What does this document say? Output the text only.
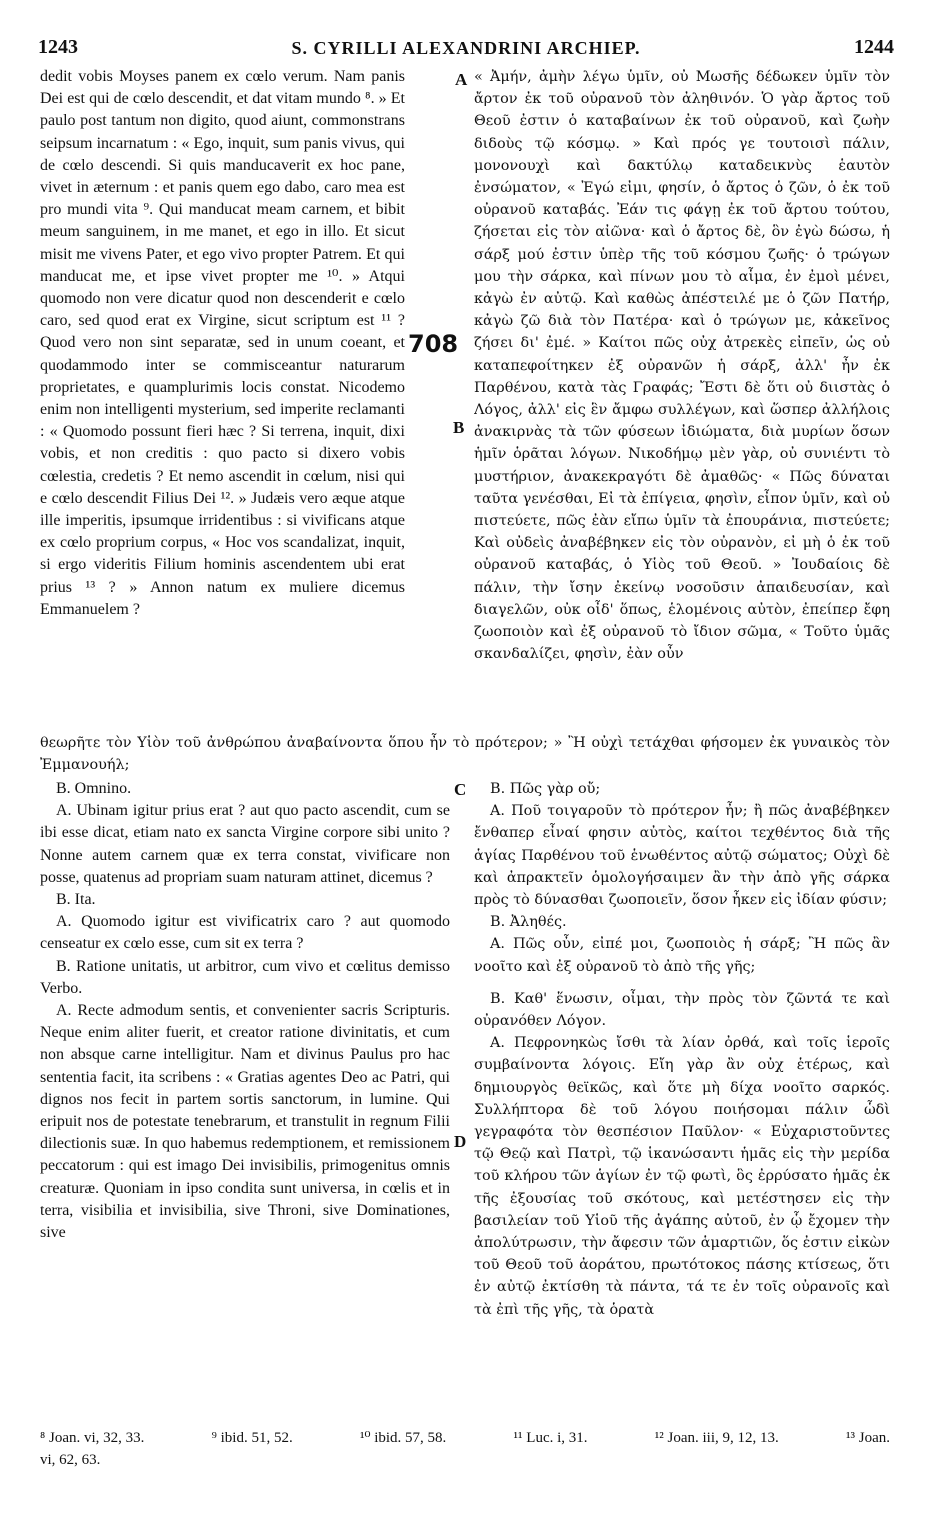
1243	S. CYRILLI ALEXANDRINI ARCHIEP.	1244
A
708
B
C
D

dedit vobis Moyses panem ex cœlo verum. Nam panis Dei est qui de cœlo descendit, et dat vitam mundo ⁸. » Et paulo post tantum non digito, quod aiunt, commonstrans seipsum incarnatum : « Ego, inquit, sum panis vivus, qui de cœlo descendi. Si quis manducaverit ex hoc pane, vivet in æternum : et panis quem ego dabo, caro mea est pro mundi vita ⁹. Qui manducat meam carnem, et bibit meum sanguinem, in me manet, et ego in illo. Et sicut misit me vivens Pater, et ego vivo propter Patrem. Et qui manducat me, et ipse vivet propter me ¹⁰. » Atqui quomodo non vere dicatur quod non descenderit e cœlo caro, sed quod erat ex Virgine, sicut scriptum est ¹¹ ? Quod vero non sint separatæ, sed in unum coeant, et quodammodo inter se commisceantur naturarum proprietates, e quamplurimis locis constat. Nicodemo enim non intelligenti mysterium, sed imperite reclamanti : « Quomodo possunt fieri hæc ? Si terrena, inquit, dixi vobis, et non creditis : quo pacto si dixero vobis cœlestia, credetis ? Et nemo ascendit in cœlum, nisi qui e cœlo descendit Filius Dei ¹². » Judæis vero æque atque ille imperitis, ipsumque irridentibus : si vivificans atque ex cœlo proprium corpus, « Hoc vos scandalizat, inquit, si ergo videritis Filium hominis ascendentem ubi erat prius ¹³ ? » Annon natum ex muliere dicemus Emmanuelem ?

« Ἀμήν, ἀμὴν λέγω ὑμῖν, οὐ Μωσῆς δέδωκεν ὑμῖν τὸν ἄρτον ἐκ τοῦ οὐρανοῦ τὸν ἀληθινόν. Ὁ γὰρ ἄρτος τοῦ Θεοῦ ἐστιν ὁ καταβαίνων ἐκ τοῦ οὐρανοῦ, καὶ ζωὴν διδοὺς τῷ κόσμῳ. » Καὶ πρός γε τουτοισὶ πάλιν, μονονουχὶ καὶ δακτύλῳ καταδεικνὺς ἑαυτὸν ἐνσώματον, « Ἐγώ εἰμι, φησίν, ὁ ἄρτος ὁ ζῶν, ὁ ἐκ τοῦ οὐρανοῦ καταβάς. Ἐάν τις φάγῃ ἐκ τοῦ ἄρτου τούτου, ζήσεται εἰς τὸν αἰῶνα· καὶ ὁ ἄρτος δὲ, ὃν ἐγὼ δώσω, ἡ σάρξ μού ἐστιν ὑπὲρ τῆς τοῦ κόσμου ζωῆς· ὁ τρώγων μου τὴν σάρκα, καὶ πίνων μου τὸ αἷμα, ἐν ἐμοὶ μένει, κἀγὼ ἐν αὐτῷ. Καὶ καθὼς ἀπέστειλέ με ὁ ζῶν Πατήρ, κἀγὼ ζῶ διὰ τὸν Πατέρα· καὶ ὁ τρώγων με, κἀκεῖνος ζήσει δι' ἐμέ. » Καίτοι πῶς οὐχ ἀτρεκὲς εἰπεῖν, ὡς οὐ καταπεφοίτηκεν ἐξ οὐρανῶν ἡ σάρξ, ἀλλ' ἦν ἐκ Παρθένου, κατὰ τὰς Γραφάς; Ἔστι δὲ ὅτι οὐ διιστὰς ὁ Λόγος, ἀλλ' εἰς ἓν ἄμφω συλλέγων, καὶ ὥσπερ ἀλλήλοις ἀνακιρνὰς τὰ τῶν φύσεων ἰδιώματα, διὰ μυρίων ὅσων ἡμῖν ὁρᾶται λόγων. Νικοδήμῳ μὲν γὰρ, οὐ συνιέντι τὸ μυστήριον, ἀνακεκραγότι δὲ ἀμαθῶς· « Πῶς δύναται ταῦτα γενέσθαι, Εἰ τὰ ἐπίγεια, φησὶν, εἶπον ὑμῖν, καὶ οὐ πιστεύετε, πῶς ἐὰν εἴπω ὑμῖν τὰ ἐπουράνια, πιστεύετε; Καὶ οὐδεὶς ἀναβέβηκεν εἰς τὸν οὐρανὸν, εἰ μὴ ὁ ἐκ τοῦ οὐρανοῦ καταβάς, ὁ Υἱὸς τοῦ Θεοῦ. » Ἰουδαίοις δὲ πάλιν, τὴν ἴσην ἐκείνῳ νοσοῦσιν ἀπαιδευσίαν, καὶ διαγελῶν, οὐκ οἶδ' ὅπως, ἑλομένοις αὐτὸν, ἐπείπερ ἔφη ζωοποιὸν καὶ ἐξ οὐρανοῦ τὸ ἴδιον σῶμα, « Τοῦτο ὑμᾶς σκανδαλίζει, φησὶν, ἐὰν οὖν

θεωρῆτε τὸν Υἱὸν τοῦ ἀνθρώπου ἀναβαίνοντα ὅπου ἦν τὸ πρότερον; » Ἢ οὐχὶ τετάχθαι φήσομεν ἐκ γυναικὸς τὸν Ἐμμανουήλ;

B. Omnino.

A. Ubinam igitur prius erat ? aut quo pacto ascendit, cum se ibi esse dicat, etiam nato ex sancta Virgine corpore sibi unito ? Nonne autem carnem quæ ex terra constat, vivificare non posse, quatenus ad propriam suam naturam attinet, dicemus ?

B. Ita.

A. Quomodo igitur est vivificatrix caro ? aut quomodo censeatur ex cœlo esse, cum sit ex terra ?

B. Ratione unitatis, ut arbitror, cum vivo et cœlitus demisso Verbo.

A. Recte admodum sentis, et convenienter sacris Scripturis. Neque enim aliter fuerit, et creator ratione divinitatis, et cum non absque carne intelligitur. Nam et divinus Paulus pro hac sententia facit, ita scribens : « Gratias agentes Deo ac Patri, qui dignos nos fecit in partem sortis sanctorum, in lumine. Qui eripuit nos de potestate tenebrarum, et transtulit in regnum Filii dilectionis suæ. In quo habemus redemptionem, et remissionem peccatorum : qui est imago Dei invisibilis, primogenitus omnis creaturæ. Quoniam in ipso condita sunt universa, in cœlis et in terra, visibilia et invisibilia, sive Throni, sive Dominationes, sive

B. Πῶς γὰρ οὔ;

A. Ποῦ τοιγαροῦν τὸ πρότερον ἦν; ἢ πῶς ἀναβέβηκεν ἔνθαπερ εἶναί φησιν αὐτὸς, καίτοι τεχθέντος διὰ τῆς ἁγίας Παρθένου τοῦ ἑνωθέντος αὐτῷ σώματος; Οὐχὶ δὲ καὶ ἀπρακτεῖν ὁμολογήσαιμεν ἂν τὴν ἀπὸ γῆς σάρκα πρὸς τὸ δύνασθαι ζωοποιεῖν, ὅσον ἧκεν εἰς ἰδίαν φύσιν;

B. Ἀληθές.

A. Πῶς οὖν, εἰπέ μοι, ζωοποιὸς ἡ σάρξ; Ἢ πῶς ἂν νοοῖτο καὶ ἐξ οὐρανοῦ τὸ ἀπὸ τῆς γῆς;

B. Καθ' ἕνωσιν, οἶμαι, τὴν πρὸς τὸν ζῶντά τε καὶ οὐρανόθεν Λόγον.

A. Πεφρονηκὼς ἴσθι τὰ λίαν ὀρθά, καὶ τοῖς ἱεροῖς συμβαίνοντα λόγοις. Εἴη γὰρ ἂν οὐχ ἑτέρως, καὶ δημιουργὸς θεϊκῶς, καὶ ὅτε μὴ δίχα νοοῖτο σαρκός. Συλλήπτορα δὲ τοῦ λόγου ποιήσομαι πάλιν ὧδὶ γεγραφότα τὸν θεσπέσιον Παῦλον· « Εὐχαριστοῦντες τῷ Θεῷ καὶ Πατρὶ, τῷ ἱκανώσαντι ἡμᾶς εἰς τὴν μερίδα τοῦ κλήρου τῶν ἁγίων ἐν τῷ φωτὶ, ὃς ἐρρύσατο ἡμᾶς ἐκ τῆς ἐξουσίας τοῦ σκότους, καὶ μετέστησεν εἰς τὴν βασιλείαν τοῦ Υἱοῦ τῆς ἀγάπης αὐτοῦ, ἐν ᾧ ἔχομεν τὴν ἀπολύτρωσιν, τὴν ἄφεσιν τῶν ἁμαρτιῶν, ὅς ἐστιν εἰκὼν τοῦ Θεοῦ τοῦ ἀοράτου, πρωτότοκος πάσης κτίσεως, ὅτι ἐν αὐτῷ ἐκτίσθη τὰ πάντα, τά τε ἐν τοῖς οὐρανοῖς καὶ τὰ ἐπὶ τῆς γῆς, τὰ ὁρατὰ

⁸ Joan. vi, 32, 33.	⁹ ibid. 51, 52.	¹⁰ ibid. 57, 58.	¹¹ Luc. i, 31.	¹² Joan. iii, 9, 12, 13.	¹³ Joan.
vi, 62, 63.
